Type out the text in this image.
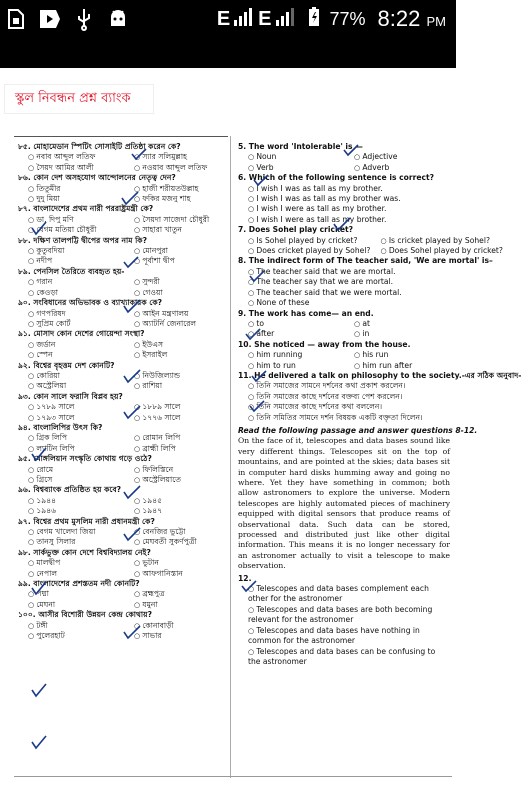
E E	77% 8:22 PM
স্কুল নিবন্ধন প্রশ্ন ব্যাংক
৮৫. মোহামেডান স্পিটিং সোসাইটি প্রতিষ্ঠা করেন কে?
○ নবাব আব্দুল লতিফ	○ স্যার সলিমুল্লাহ
○ সৈয়দ আমির আলী	○ নওয়াব আব্দুল লতিফ
৮৬. কোন দেশ অসহযোগ আন্দোলনের নেতৃত্ব দেন?
○ তিতুমীর	○ হাজী শরীয়তউল্লাহ
○ দুদু মিয়া	○ ফকির মজনু শাহ
৮৭. বাংলাদেশের প্রথম নারী পররাষ্ট্রমন্ত্রী কে?
○ ডা. দিপু মণি	○ সৈয়দা সাজেদা চৌধুরী
○ বেগম মতিয়া চৌধুরী	○ সাহারা খাতুন
৮৮. দক্ষিণ তালপট্টি দ্বীপের অপর নাম কি?
○ কুতুবদিয়া	○ মোনপুরা
○ নদীপ	○ পূর্বাশা দ্বীপ
৮৯. পেনসিল তৈরিতে ব্যবহৃত হয়-
○ গরান	○ সুন্দরী
○ কেওড়া	○ গেওয়া
৯০. সংবিধানের অভিভাবক ও ব্যাখ্যাকারক কে?
○ গণপরিষদ	○ আইন মন্ত্রণালয়
○ সুপ্রিম কোর্ট	○ অ্যাটর্নি জেনারেল
৯১. মোসাদ কোন দেশের গোয়েন্দা সংস্থা?
○ জর্ডান	○ ইউএস
○ স্পেন	○ ইসরাইল
৯২. বিশ্বের বৃহত্তম দেশ কোনটি?
○ কোরিয়া	○ নিউজিল্যান্ড
○ অস্ট্রেলিয়া	○ রাশিয়া
৯৩. কোন সালে ফরাসি বিপ্লব হয়?
○ ১৭৮৯ সালে	○ ১৮৮৯ সালে
○ ১৭৯৩ সালে	○ ১৭৭৬ সালে
৯৪. বাংলালিপির উৎস কি?
○ গ্রিক লিপি	○ রোমান লিপি
○ ল্যাটিন লিপি	○ ব্রাহ্মী লিপি
৯৫. মোঙ্গলিয়ান সংস্কৃতি কোথায় গড়ে ওঠে?
○ রোমে	○ ফিলিস্তিনে
○ গ্রিসে	○ অস্ট্রেলিয়াতে
৯৬. বিশ্বব্যাংক প্রতিষ্ঠিত হয় কবে?
○ ১৯৪৪	○ ১৯৪৫
○ ১৯৪৬	○ ১৯৪৭
৯৭. বিশ্বের প্রথম মুসলিম নারী প্রধানমন্ত্রী কে?
○ বেগম খালেদা জিয়া	○ বেনজির ভুট্টো
○ তানসু সিলার	○ মেঘবতী সুকর্ণপুত্রী
৯৮. সার্কভুক্ত কোন দেশে বিশ্ববিদ্যালয় নেই?
○ মালদ্বীপ	○ ভুটান
○ নেপাল	○ আফগানিস্তান
৯৯. বাংলাদেশের প্রশস্ততম নদী কোনটি?
○ পদ্মা	○ ব্রহ্মপুত্র
○ মেঘনা	○ যমুনা
১০০. আসীর বিশোরী উন্নয়ন কেন্দ্র কোথায়?
○ টঙ্গী	○ কোনাবাড়ী
○ পুলেরহাট	○ সাভার
5. The word 'Intolerable' is —
○ Noun	○ Adjective
○ Verb	○ Adverb
6. Which of the following sentence is correct?
○ I wish I was as tall as my brother.
○ I wish I was as tall as my brother was.
○ I wish I were as tall as my brother.
○ I wish I were as tall as my brother.
7. Does Sohel play cricket?
○ Is Sohel played by cricket?	○ Is cricket played by Sohel?
○ Does cricket played by Sohel?	○ Does Sohel played by cricket?
8. The indirect form of The teacher said, 'We are mortal' is–
○ The teacher said that we are mortal.
○ The teacher say that we are mortal.
○ The teacher said that we were mortal.
○ None of these
9. The work has come— an end.
○ to	○ at
○ after	○ in
10. She noticed — away from the house.
○ him running	○ his run
○ him to run	○ him run after
11. He delivered a talk on philosophy to the society.-এর সঠিক অনুবাদ-
○ তিনি সমাজের সামনে দর্শনের কথা প্রকাশ করলেন।
○ তিনি সমাজের কাছে দর্শনের বক্তব্য পেশ করলেন।
○ তিনি সমাজের কাছে দর্শনের কথা বললেন।
○ তিনি সমিতির সামনে দর্শন বিষয়ক একটি বক্তৃতা দিলেন।
Read the following passage and answer questions 8-12.
On the face of it, telescopes and data bases sound like very different things. Telescopes sit on the top of mountains, and are pointed at the skies; data bases sit in computer hard disks humming away and going no where. Yet they have something in common; both allow astronomers to explore the universe. Modern telescopes are highly automated pieces of machinery equipped with digital sensors that produce reams of observational data. Such data can be stored, processed and distributed just like other digital information. This means it is no longer necessary for an astronomer actually to visit a telescope to make observation.
12.
○ Telescopes and data bases complement each other for the astronomer
○ Telescopes and data bases are both becoming relevant for the astronomer
○ Telescopes and data bases have nothing in common for the astronomer
○ Telescopes and data bases can be confusing to the astronomer
